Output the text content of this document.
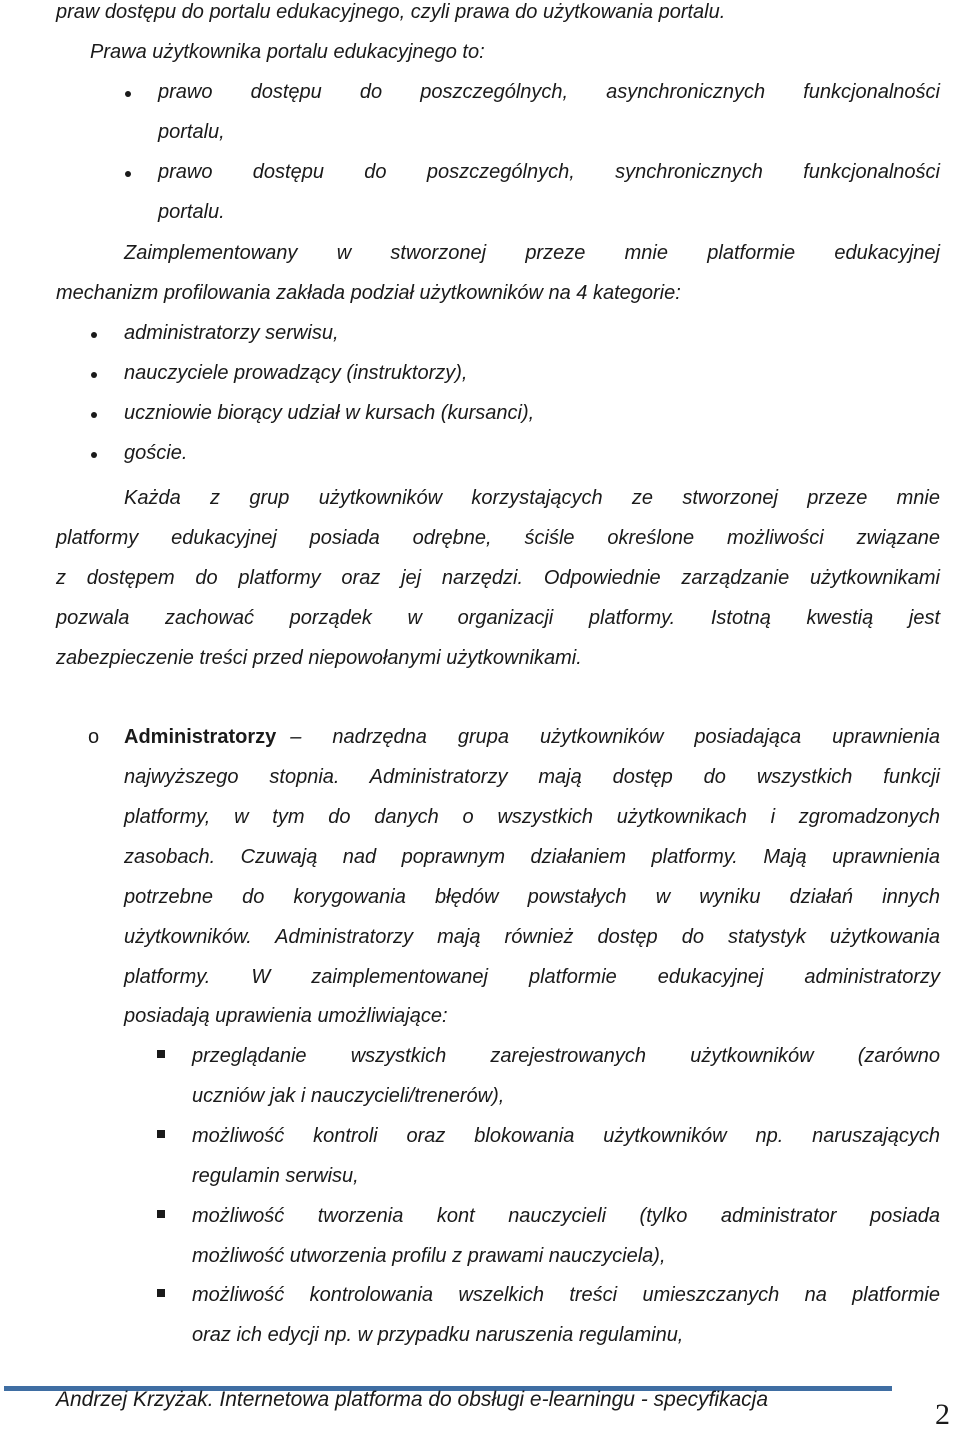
praw dostępu do portalu edukacyjnego, czyli prawa do użytkowania portalu.
Prawa użytkownika portalu edukacyjnego to:
prawo dostępu do poszczególnych, asynchronicznych funkcjonalności
portalu,
prawo dostępu do poszczególnych, synchronicznych funkcjonalności
portalu.
Zaimplementowany w stworzonej przeze mnie platformie edukacyjnej
mechanizm profilowania zakłada podział użytkowników na 4 kategorie:
administratorzy serwisu,
nauczyciele prowadzący (instruktorzy),
uczniowie biorący udział w kursach (kursanci),
goście.
Każda z grup użytkowników korzystających ze stworzonej przeze mnie
platformy edukacyjnej posiada odrębne, ściśle określone możliwości związane
z dostępem do platformy oraz jej narzędzi. Odpowiednie zarządzanie użytkownikami
pozwala zachować porządek w organizacji platformy. Istotną kwestią jest
zabezpieczenie treści przed niepowołanymi użytkownikami.
o Administratorzy – nadrzędna grupa użytkowników posiadająca uprawnienia
najwyższego stopnia. Administratorzy mają dostęp do wszystkich funkcji
platformy, w tym do danych o wszystkich użytkownikach i zgromadzonych
zasobach. Czuwają nad poprawnym działaniem platformy. Mają uprawnienia
potrzebne do korygowania błędów powstałych w wyniku działań innych
użytkowników. Administratorzy mają również dostęp do statystyk użytkowania
platformy. W zaimplementowanej platformie edukacyjnej administratorzy
posiadają uprawienia umożliwiające:
przeglądanie wszystkich zarejestrowanych użytkowników (zarówno
uczniów jak i nauczycieli/trenerów),
możliwość kontroli oraz blokowania użytkowników np. naruszających
regulamin serwisu,
możliwość tworzenia kont nauczycieli (tylko administrator posiada
możliwość utworzenia profilu z prawami nauczyciela),
możliwość kontrolowania wszelkich treści umieszczanych na platformie
oraz ich edycji np. w przypadku naruszenia regulaminu,
Andrzej Krzyżak. Internetowa platforma do obsługi e-learningu - specyfikacja	2
